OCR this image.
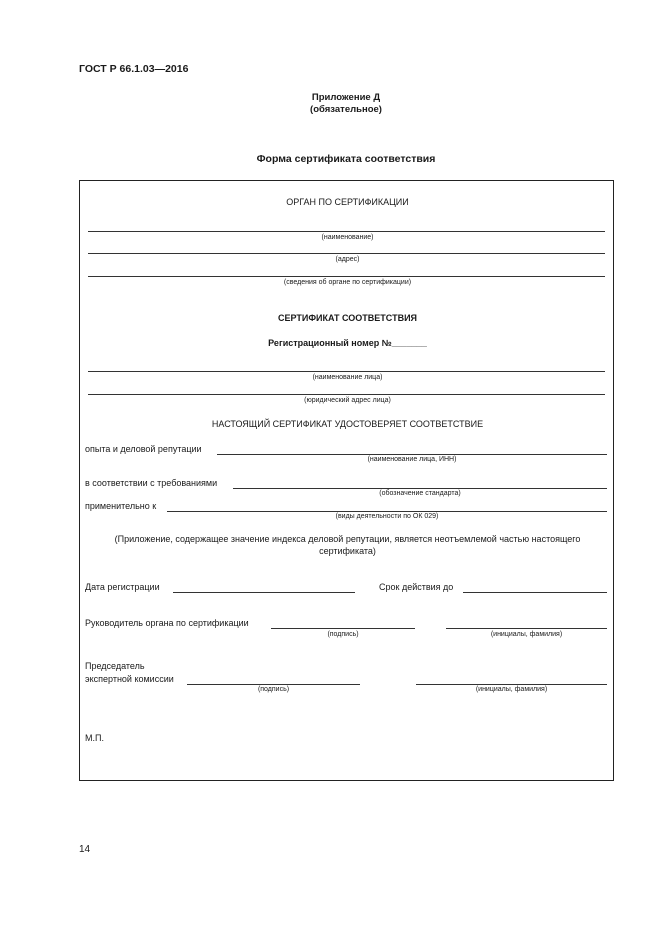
ГОСТ Р 66.1.03—2016
Приложение Д
(обязательное)
Форма сертификата соответствия
ОРГАН ПО СЕРТИФИКАЦИИ
(наименование)
(адрес)
(сведения об органе по сертификации)
СЕРТИФИКАТ СООТВЕТСТВИЯ
Регистрационный номер №_______
(наименование лица)
(юридический адрес лица)
НАСТОЯЩИЙ СЕРТИФИКАТ УДОСТОВЕРЯЕТ СООТВЕТСТВИЕ
опыта и деловой репутации
(наименование лица, ИНН)
в соответствии с требованиями
(обозначение стандарта)
применительно к
(виды деятельности по ОК 029)
(Приложение, содержащее значение индекса деловой репутации, является неотъемлемой частью настоящего
сертификата)
Дата регистрации	Срок действия до
Руководитель органа по сертификации
(подпись)	(инициалы, фамилия)
Председатель
экспертной комиссии
(подпись)	(инициалы, фамилия)
М.П.
14
